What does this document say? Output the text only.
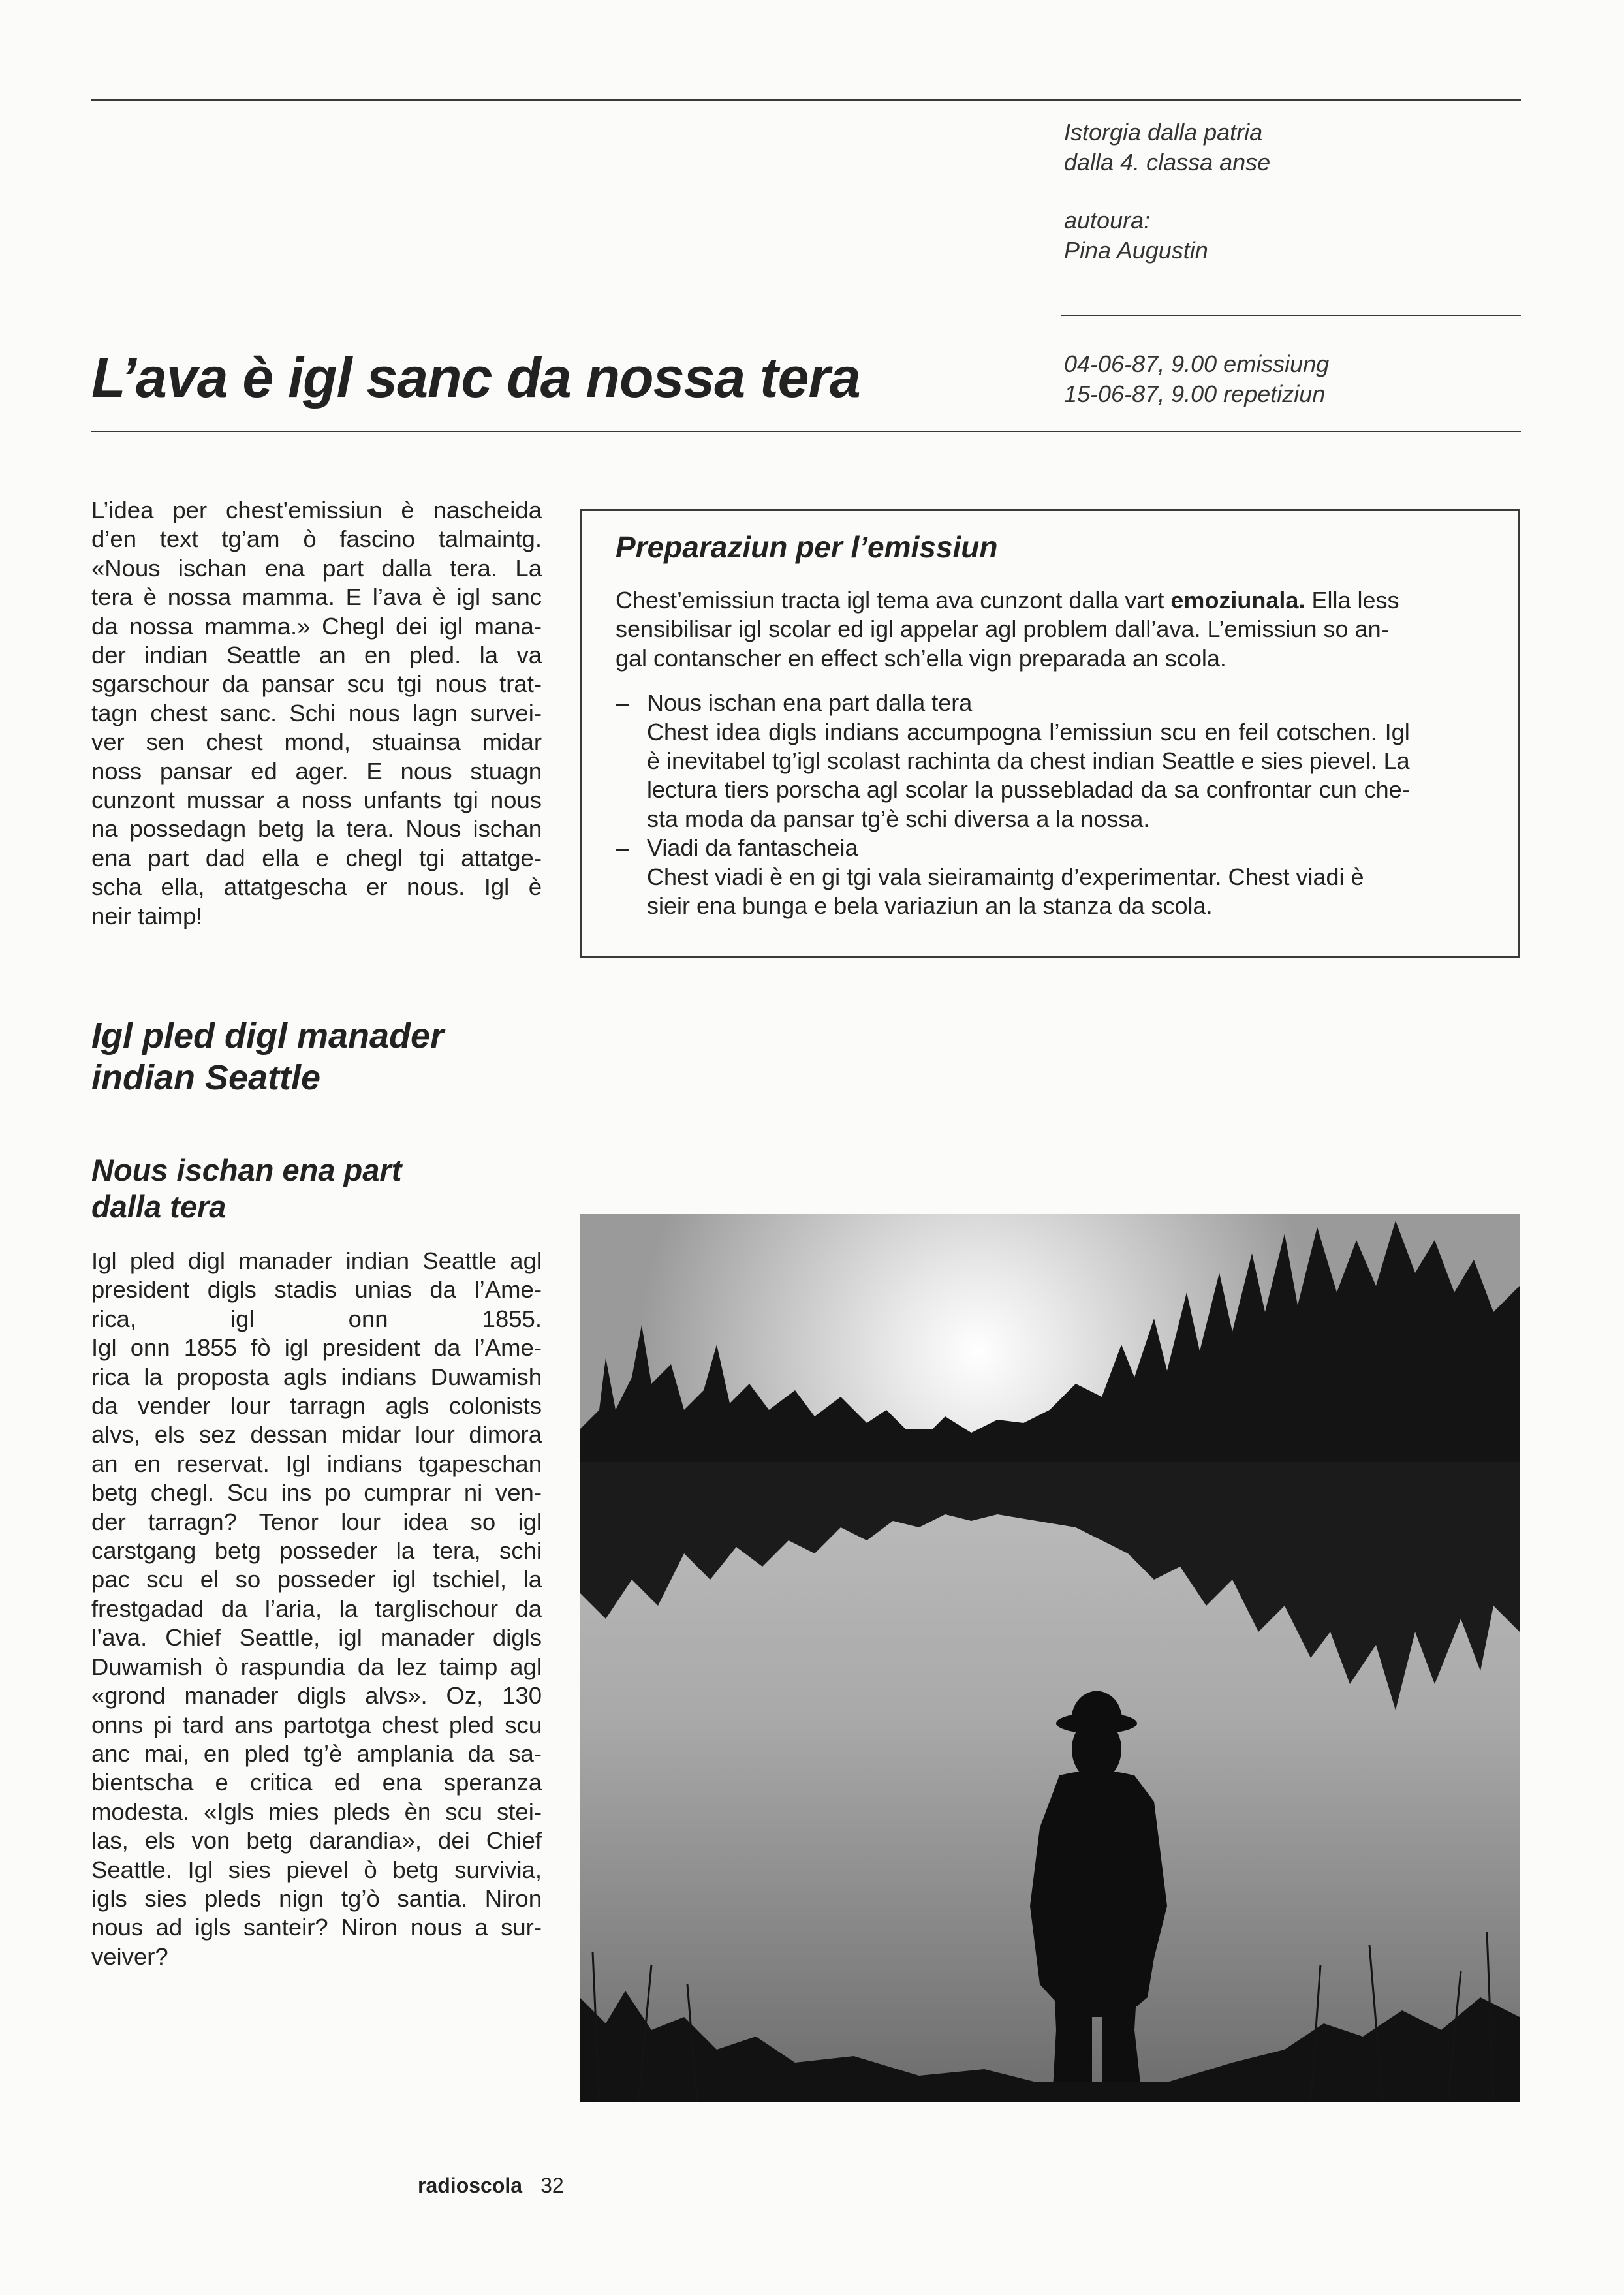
Istorgia dalla patria
dalla 4. classa anse
autoura:
Pina Augustin
04-06-87, 9.00 emissiung
15-06-87, 9.00 repetiziun
L’ava è igl sanc da nossa tera
L’idea per chest’emissiun è nascheida
d’en text tg’am ò fascino talmaintg.
«Nous ischan ena part dalla tera. La
tera è nossa mamma. E l’ava è igl sanc
da nossa mamma.» Chegl dei igl mana-
der indian Seattle an en pled. la va
sgarschour da pansar scu tgi nous trat-
tagn chest sanc. Schi nous lagn survei-
ver sen chest mond, stuainsa midar
noss pansar ed ager. E nous stuagn
cunzont mussar a noss unfants tgi nous
na possedagn betg la tera. Nous ischan
ena part dad ella e chegl tgi attatge-
scha ella, attatgescha er nous. Igl è
neir taimp!
Preparaziun per l’emissiun
Chest’emissiun tracta igl tema ava cunzont dalla vart emoziunala. Ella less
sensibilisar igl scolar ed igl appelar agl problem dall’ava. L’emissiun so an-
gal contanscher en effect sch’ella vign preparada an scola.
– Nous ischan ena part dalla tera
Chest idea digls indians accumpogna l’emissiun scu en feil cotschen. Igl
è inevitabel tg’igl scolast rachinta da chest indian Seattle e sies pievel. La
lectura tiers porscha agl scolar la pussebladad da sa confrontar cun che-
sta moda da pansar tg’è schi diversa a la nossa.
– Viadi da fantascheia
Chest viadi è en gi tgi vala sieiramaintg d’experimentar. Chest viadi è
sieir ena bunga e bela variaziun an la stanza da scola.
Igl pled digl manader
indian Seattle
Nous ischan ena part
dalla tera
Igl pled digl manader indian Seattle agl
president digls stadis unias da l’Ame-
rica, igl onn 1855.
Igl onn 1855 fò igl president da l’Ame-
rica la proposta agls indians Duwamish
da vender lour tarragn agls colonists
alvs, els sez dessan midar lour dimora
an en reservat. Igl indians tgapeschan
betg chegl. Scu ins po cumprar ni ven-
der tarragn? Tenor lour idea so igl
carstgang betg posseder la tera, schi
pac scu el so posseder igl tschiel, la
frestgadad da l’aria, la targlischour da
l’ava. Chief Seattle, igl manader digls
Duwamish ò raspundia da lez taimp agl
«grond manader digls alvs». Oz, 130
onns pi tard ans partotga chest pled scu
anc mai, en pled tg’è amplania da sa-
bientscha e critica ed ena speranza
modesta. «Igls mies pleds èn scu stei-
las, els von betg darandia», dei Chief
Seattle. Igl sies pievel ò betg survivia,
igls sies pleds nign tg’ò santia. Niron
nous ad igls santeir? Niron nous a sur-
veiver?
radioscola 32
